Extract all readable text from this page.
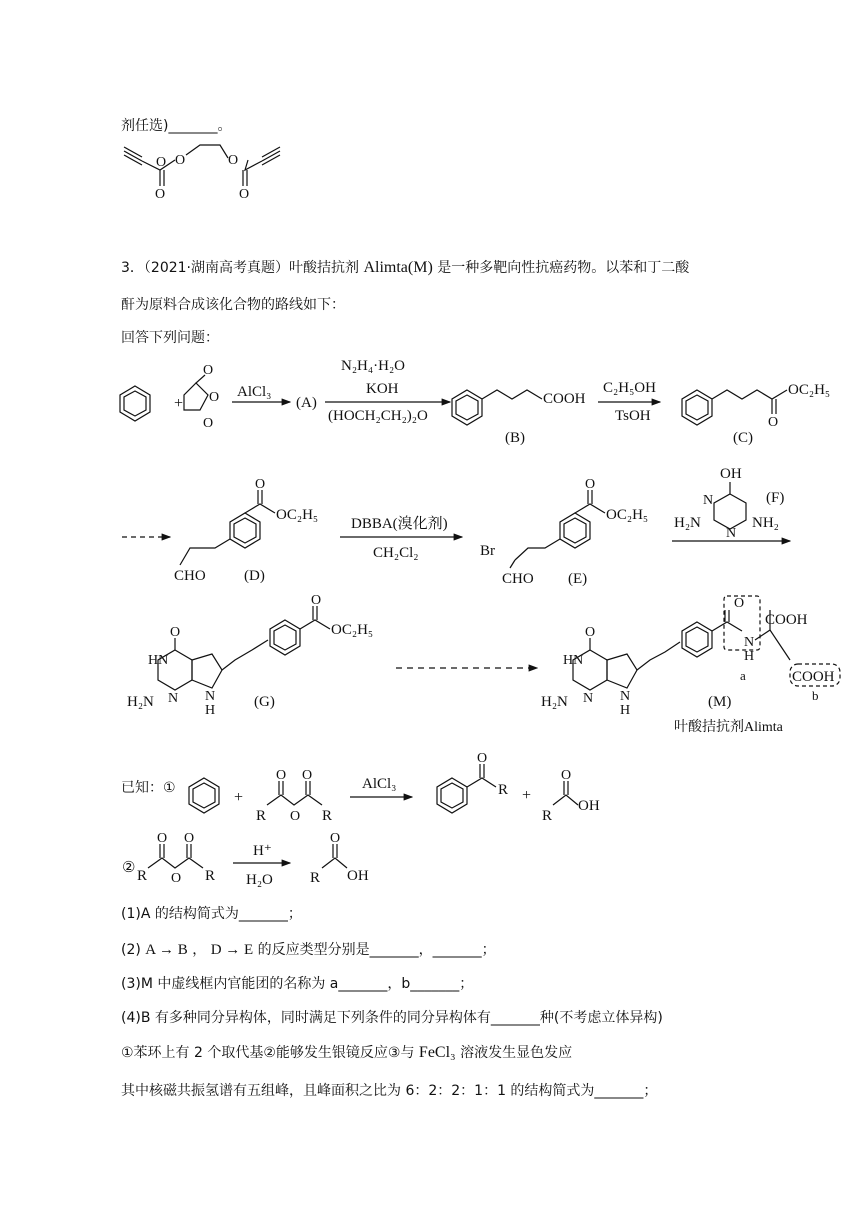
剂任选)_______。
3．（2021·湖南高考真题）叶酸拮抗剂 Alimta(M) 是一种多靶向性抗癌药物。以苯和丁二酸
酐为原料合成该化合物的路线如下：
回答下列问题：
已知：①
(1)A 的结构简式为_______；
(2) A → B ， D → E 的反应类型分别是_______，_______；
(3)M 中虚线框内官能团的名称为 a_______，b_______；
(4)B 有多种同分异构体，同时满足下列条件的同分异构体有_______种(不考虑立体异构)
①苯环上有 2 个取代基②能够发生银镜反应③与 FeCl₃ 溶液发生显色发应
其中核磁共振氢谱有五组峰，且峰面积之比为 6：2：2：1：1 的结构简式为_______；
O O
O
O
O
+
O
O
O
AlCl₃
(A)
N₂H₄·H₂O
KOH
(HOCH₂CH₂)₂O
COOH
(B)
C₂H₅OH
TsOH	O
OC₂H₅
(C)
O
OC₂H₅
CHO	(D)
DBBA(溴化剂)
CH₂Cl₂
O
OC₂H₅
Br
CHO (E)
OH
N
N
H₂N	NH₂
(F)
O
HN
N
H₂N	N
H
O
OC₂H₅
(G)
O
HN
N
H₂N	N
H
O
N
H
COOH
COOH
a
b
(M)
叶酸拮抗剂Alimta
+
O O
O
R	R
AlCl₃
O
R +
O
R
OH
②
O O
O
R	R
H⁺
H₂O
O
R OH
